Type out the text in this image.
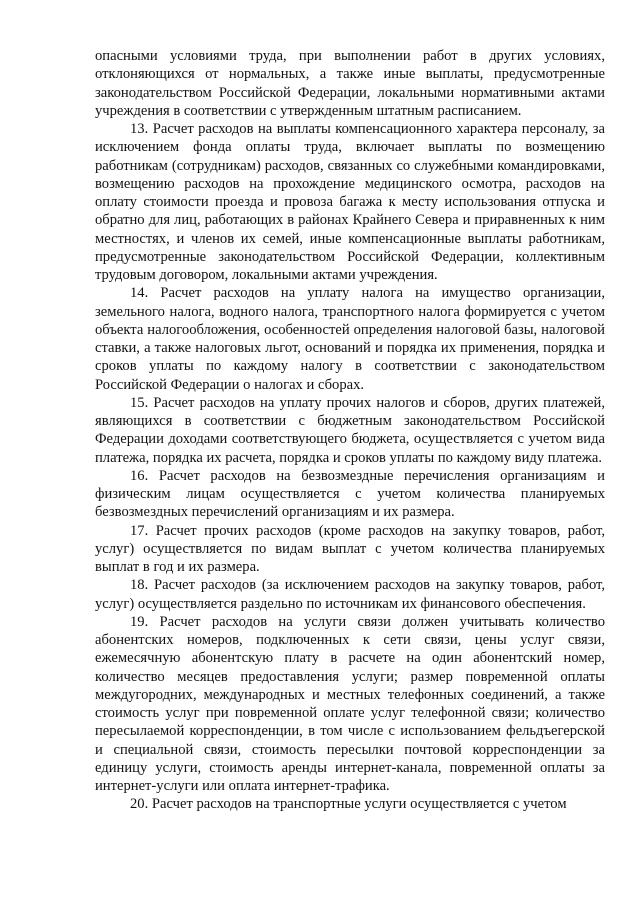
опасными условиями труда, при выполнении работ в других условиях, отклоняющихся от нормальных, а также иные выплаты, предусмотренные законодательством Российской Федерации, локальными нормативными актами учреждения в соответствии с утвержденным штатным расписанием.

13. Расчет расходов на выплаты компенсационного характера персоналу, за исключением фонда оплаты труда, включает выплаты по возмещению работникам (сотрудникам) расходов, связанных со служебными командировками, возмещению расходов на прохождение медицинского осмотра, расходов на оплату стоимости проезда и провоза багажа к месту использования отпуска и обратно для лиц, работающих в районах Крайнего Севера и приравненных к ним местностях, и членов их семей, иные компенсационные выплаты работникам, предусмотренные законодательством Российской Федерации, коллективным трудовым договором, локальными актами учреждения.

14. Расчет расходов на уплату налога на имущество организации, земельного налога, водного налога, транспортного налога формируется с учетом объекта налогообложения, особенностей определения налоговой базы, налоговой ставки, а также налоговых льгот, оснований и порядка их применения, порядка и сроков уплаты по каждому налогу в соответствии с законодательством Российской Федерации о налогах и сборах.

15. Расчет расходов на уплату прочих налогов и сборов, других платежей, являющихся в соответствии с бюджетным законодательством Российской Федерации доходами соответствующего бюджета, осуществляется с учетом вида платежа, порядка их расчета, порядка и сроков уплаты по каждому виду платежа.

16. Расчет расходов на безвозмездные перечисления организациям и физическим лицам осуществляется с учетом количества планируемых безвозмездных перечислений организациям и их размера.

17. Расчет прочих расходов (кроме расходов на закупку товаров, работ, услуг) осуществляется по видам выплат с учетом количества планируемых выплат в год и их размера.

18. Расчет расходов (за исключением расходов на закупку товаров, работ, услуг) осуществляется раздельно по источникам их финансового обеспечения.

19. Расчет расходов на услуги связи должен учитывать количество абонентских номеров, подключенных к сети связи, цены услуг связи, ежемесячную абонентскую плату в расчете на один абонентский номер, количество месяцев предоставления услуги; размер повременной оплаты междугородних, международных и местных телефонных соединений, а также стоимость услуг при повременной оплате услуг телефонной связи; количество пересылаемой корреспонденции, в том числе с использованием фельдъегерской и специальной связи, стоимость пересылки почтовой корреспонденции за единицу услуги, стоимость аренды интернет-канала, повременной оплаты за интернет-услуги или оплата интернет-трафика.

20. Расчет расходов на транспортные услуги осуществляется с учетом
